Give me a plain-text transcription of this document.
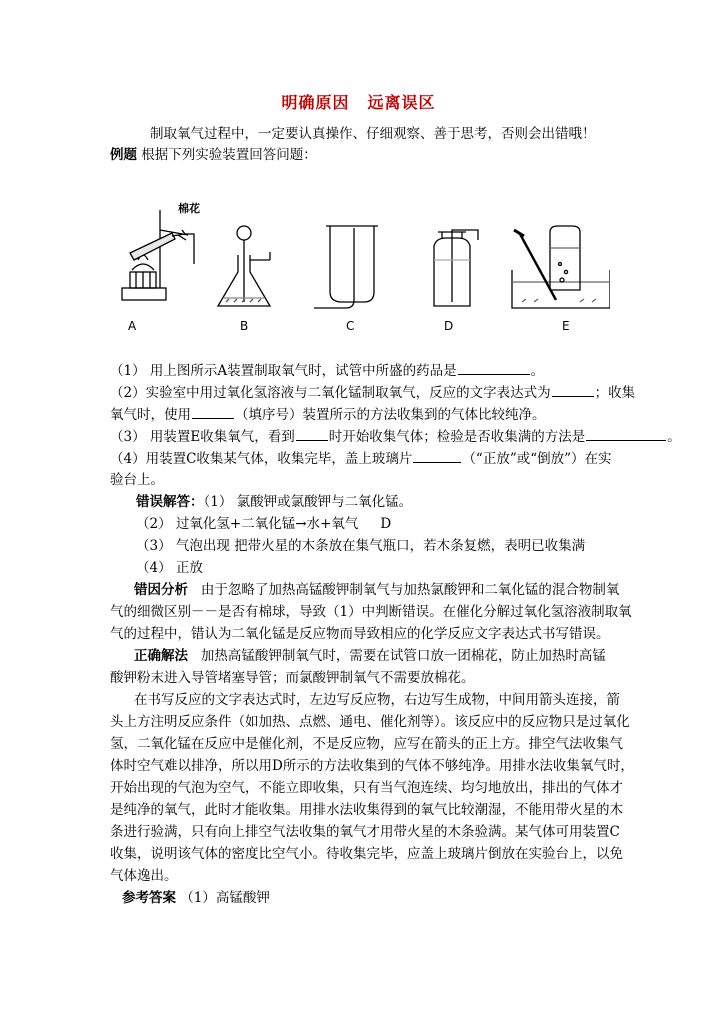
明确原因 远离误区
制取氧气过程中，一定要认真操作、仔细观察、善于思考，否则会出错哦！
例题 根据下列实验装置回答问题：
棉花
A	B	C	D	E
（1） 用上图所示A装置制取氧气时，试管中所盛的药品是	。
（2）实验室中用过氧化氢溶液与二氧化锰制取氧气，反应的文字表达式为	；收集
氧气时，使用	（填序号）装置所示的方法收集到的气体比较纯净。
（3） 用装置E收集氧气，看到	时开始收集气体；检验是否收集满的方法是	。
（4）用装置C收集某气体，收集完毕，盖上玻璃片	（“正放”或“倒放”）在实
验台上。
错误解答：（1） 氯酸钾或氯酸钾与二氧化锰。
（2） 过氧化氢+二氧化锰→水+氧气 D
（3） 气泡出现 把带火星的木条放在集气瓶口，若木条复燃，表明已收集满
（4） 正放
错因分析 由于忽略了加热高锰酸钾制氧气与加热氯酸钾和二氧化锰的混合物制氧
气的细微区别－－是否有棉球，导致（1）中判断错误。在催化分解过氧化氢溶液制取氧
气的过程中，错认为二氧化锰是反应物而导致相应的化学反应文字表达式书写错误。
正确解法 加热高锰酸钾制氧气时，需要在试管口放一团棉花，防止加热时高锰
酸钾粉末进入导管堵塞导管；而氯酸钾制氧气不需要放棉花。
在书写反应的文字表达式时，左边写反应物，右边写生成物，中间用箭头连接，箭
头上方注明反应条件（如加热、点燃、通电、催化剂等）。该反应中的反应物只是过氧化
氢，二氧化锰在反应中是催化剂，不是反应物，应写在箭头的正上方。排空气法收集气
体时空气难以排净，所以用D所示的方法收集到的气体不够纯净。用排水法收集氧气时，
开始出现的气泡为空气，不能立即收集，只有当气泡连续、均匀地放出，排出的气体才
是纯净的氧气，此时才能收集。用排水法收集得到的氧气比较潮湿，不能用带火星的木
条进行验满，只有向上排空气法收集的氧气才用带火星的木条验满。某气体可用装置C
收集，说明该气体的密度比空气小。待收集完毕，应盖上玻璃片倒放在实验台上，以免
气体逸出。
参考答案 （1）高锰酸钾
